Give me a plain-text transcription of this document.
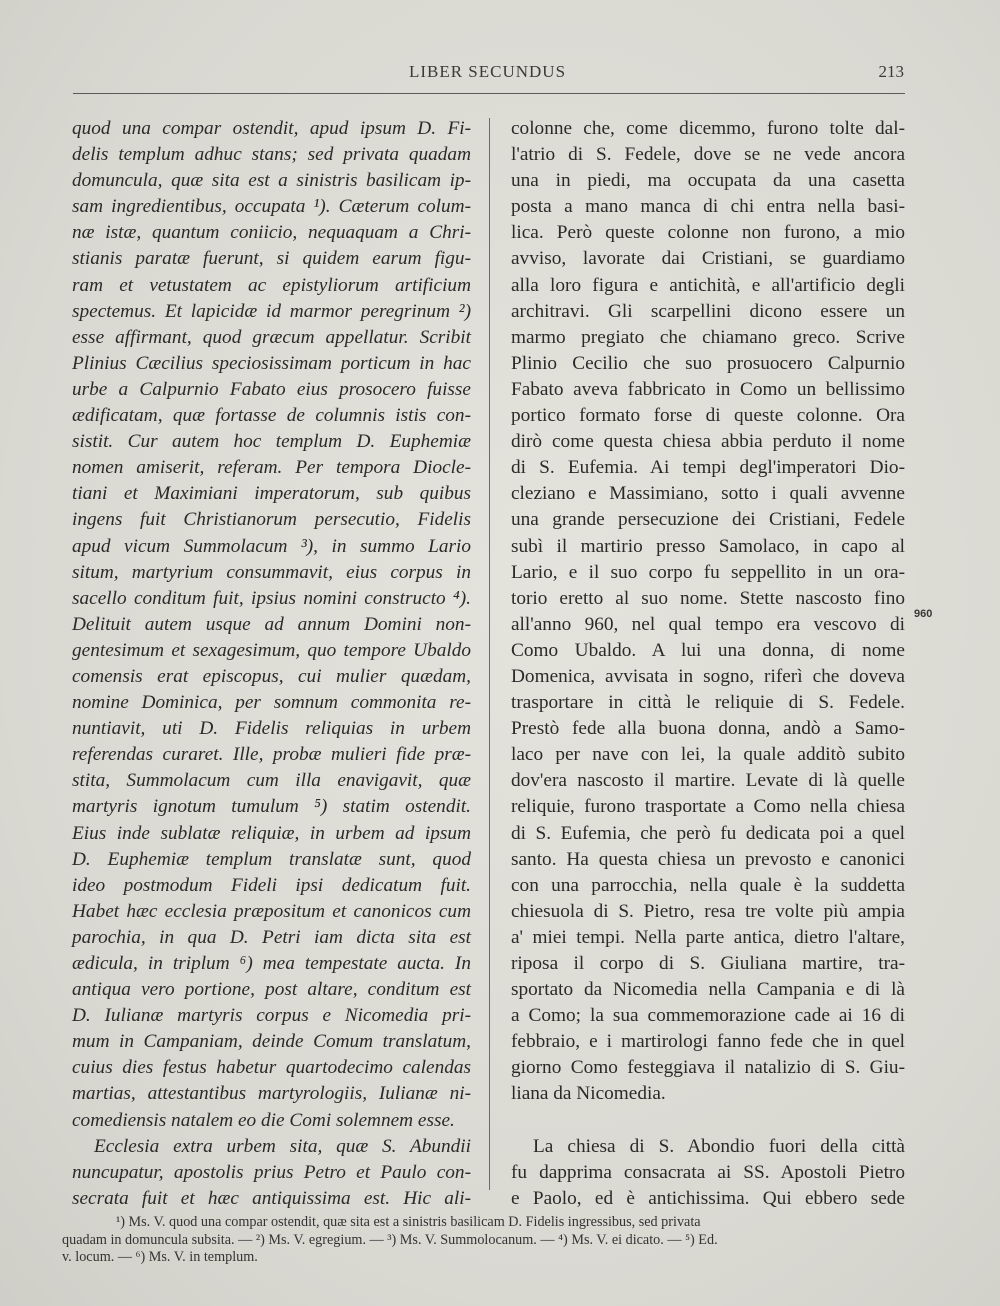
LIBER SECUNDUS	213
quod una compar ostendit, apud ipsum D. Fi-
delis templum adhuc stans; sed privata quadam
domuncula, quæ sita est a sinistris basilicam ip-
sam ingredientibus, occupata ¹). Cæterum colum-
næ istæ, quantum coniicio, nequaquam a Chri-
stianis paratæ fuerunt, si quidem earum figu-
ram et vetustatem ac epistyliorum artificium
spectemus. Et lapicidæ id marmor peregrinum ²)
esse affirmant, quod græcum appellatur. Scribit
Plinius Cæcilius speciosissimam porticum in hac
urbe a Calpurnio Fabato eius prosocero fuisse
ædificatam, quæ fortasse de columnis istis con-
sistit. Cur autem hoc templum D. Euphemiæ
nomen amiserit, referam. Per tempora Diocle-
tiani et Maximiani imperatorum, sub quibus
ingens fuit Christianorum persecutio, Fidelis
apud vicum Summolacum ³), in summo Lario
situm, martyrium consummavit, eius corpus in
sacello conditum fuit, ipsius nomini constructo ⁴).
Delituit autem usque ad annum Domini non-
gentesimum et sexagesimum, quo tempore Ubaldo
comensis erat episcopus, cui mulier quædam,
nomine Dominica, per somnum commonita re-
nuntiavit, uti D. Fidelis reliquias in urbem
referendas curaret. Ille, probæ mulieri fide præ-
stita, Summolacum cum illa enavigavit, quæ
martyris ignotum tumulum ⁵) statim ostendit.
Eius inde sublatæ reliquiæ, in urbem ad ipsum
D. Euphemiæ templum translatæ sunt, quod
ideo postmodum Fideli ipsi dedicatum fuit.
Habet hæc ecclesia præpositum et canonicos cum
parochia, in qua D. Petri iam dicta sita est
ædicula, in triplum ⁶) mea tempestate aucta. In
antiqua vero portione, post altare, conditum est
D. Iulianæ martyris corpus e Nicomedia pri-
mum in Campaniam, deinde Comum translatum,
cuius dies festus habetur quartodecimo calendas
martias, attestantibus martyrologiis, Iulianæ ni-
comediensis natalem eo die Comi solemnem esse.
Ecclesia extra urbem sita, quæ S. Abundii
nuncupatur, apostolis prius Petro et Paulo con-
secrata fuit et hæc antiquissima est. Hic ali-
colonne che, come dicemmo, furono tolte dal-
l'atrio di S. Fedele, dove se ne vede ancora
una in piedi, ma occupata da una casetta
posta a mano manca di chi entra nella basi-
lica. Però queste colonne non furono, a mio
avviso, lavorate dai Cristiani, se guardiamo
alla loro figura e antichità, e all'artificio degli
architravi. Gli scarpellini dicono essere un
marmo pregiato che chiamano greco. Scrive
Plinio Cecilio che suo prosuocero Calpurnio
Fabato aveva fabbricato in Como un bellissimo
portico formato forse di queste colonne. Ora
dirò come questa chiesa abbia perduto il nome
di S. Eufemia. Ai tempi degl'imperatori Dio-
cleziano e Massimiano, sotto i quali avvenne
una grande persecuzione dei Cristiani, Fedele
subì il martirio presso Samolaco, in capo al
Lario, e il suo corpo fu seppellito in un ora-
torio eretto al suo nome. Stette nascosto fino
all'anno 960, nel qual tempo era vescovo di
Como Ubaldo. A lui una donna, di nome
Domenica, avvisata in sogno, riferì che doveva
trasportare in città le reliquie di S. Fedele.
Prestò fede alla buona donna, andò a Samo-
laco per nave con lei, la quale additò subito
dov'era nascosto il martire. Levate di là quelle
reliquie, furono trasportate a Como nella chiesa
di S. Eufemia, che però fu dedicata poi a quel
santo. Ha questa chiesa un prevosto e canonici
con una parrocchia, nella quale è la suddetta
chiesuola di S. Pietro, resa tre volte più ampia
a' miei tempi. Nella parte antica, dietro l'altare,
riposa il corpo di S. Giuliana martire, tra-
sportato da Nicomedia nella Campania e di là
a Como; la sua commemorazione cade ai 16 di
febbraio, e i martirologi fanno fede che in quel
giorno Como festeggiava il natalizio di S. Giu-
liana da Nicomedia.
La chiesa di S. Abondio fuori della città
fu dapprima consacrata ai SS. Apostoli Pietro
e Paolo, ed è antichissima. Qui ebbero sede
960
¹) Ms. V. quod una compar ostendit, quæ sita est a sinistris basilicam D. Fidelis ingressibus, sed privata
quadam in domuncula subsita. — ²) Ms. V. egregium. — ³) Ms. V. Summolocanum. — ⁴) Ms. V. ei dicato. — ⁵) Ed.
v. locum. — ⁶) Ms. V. in templum.
